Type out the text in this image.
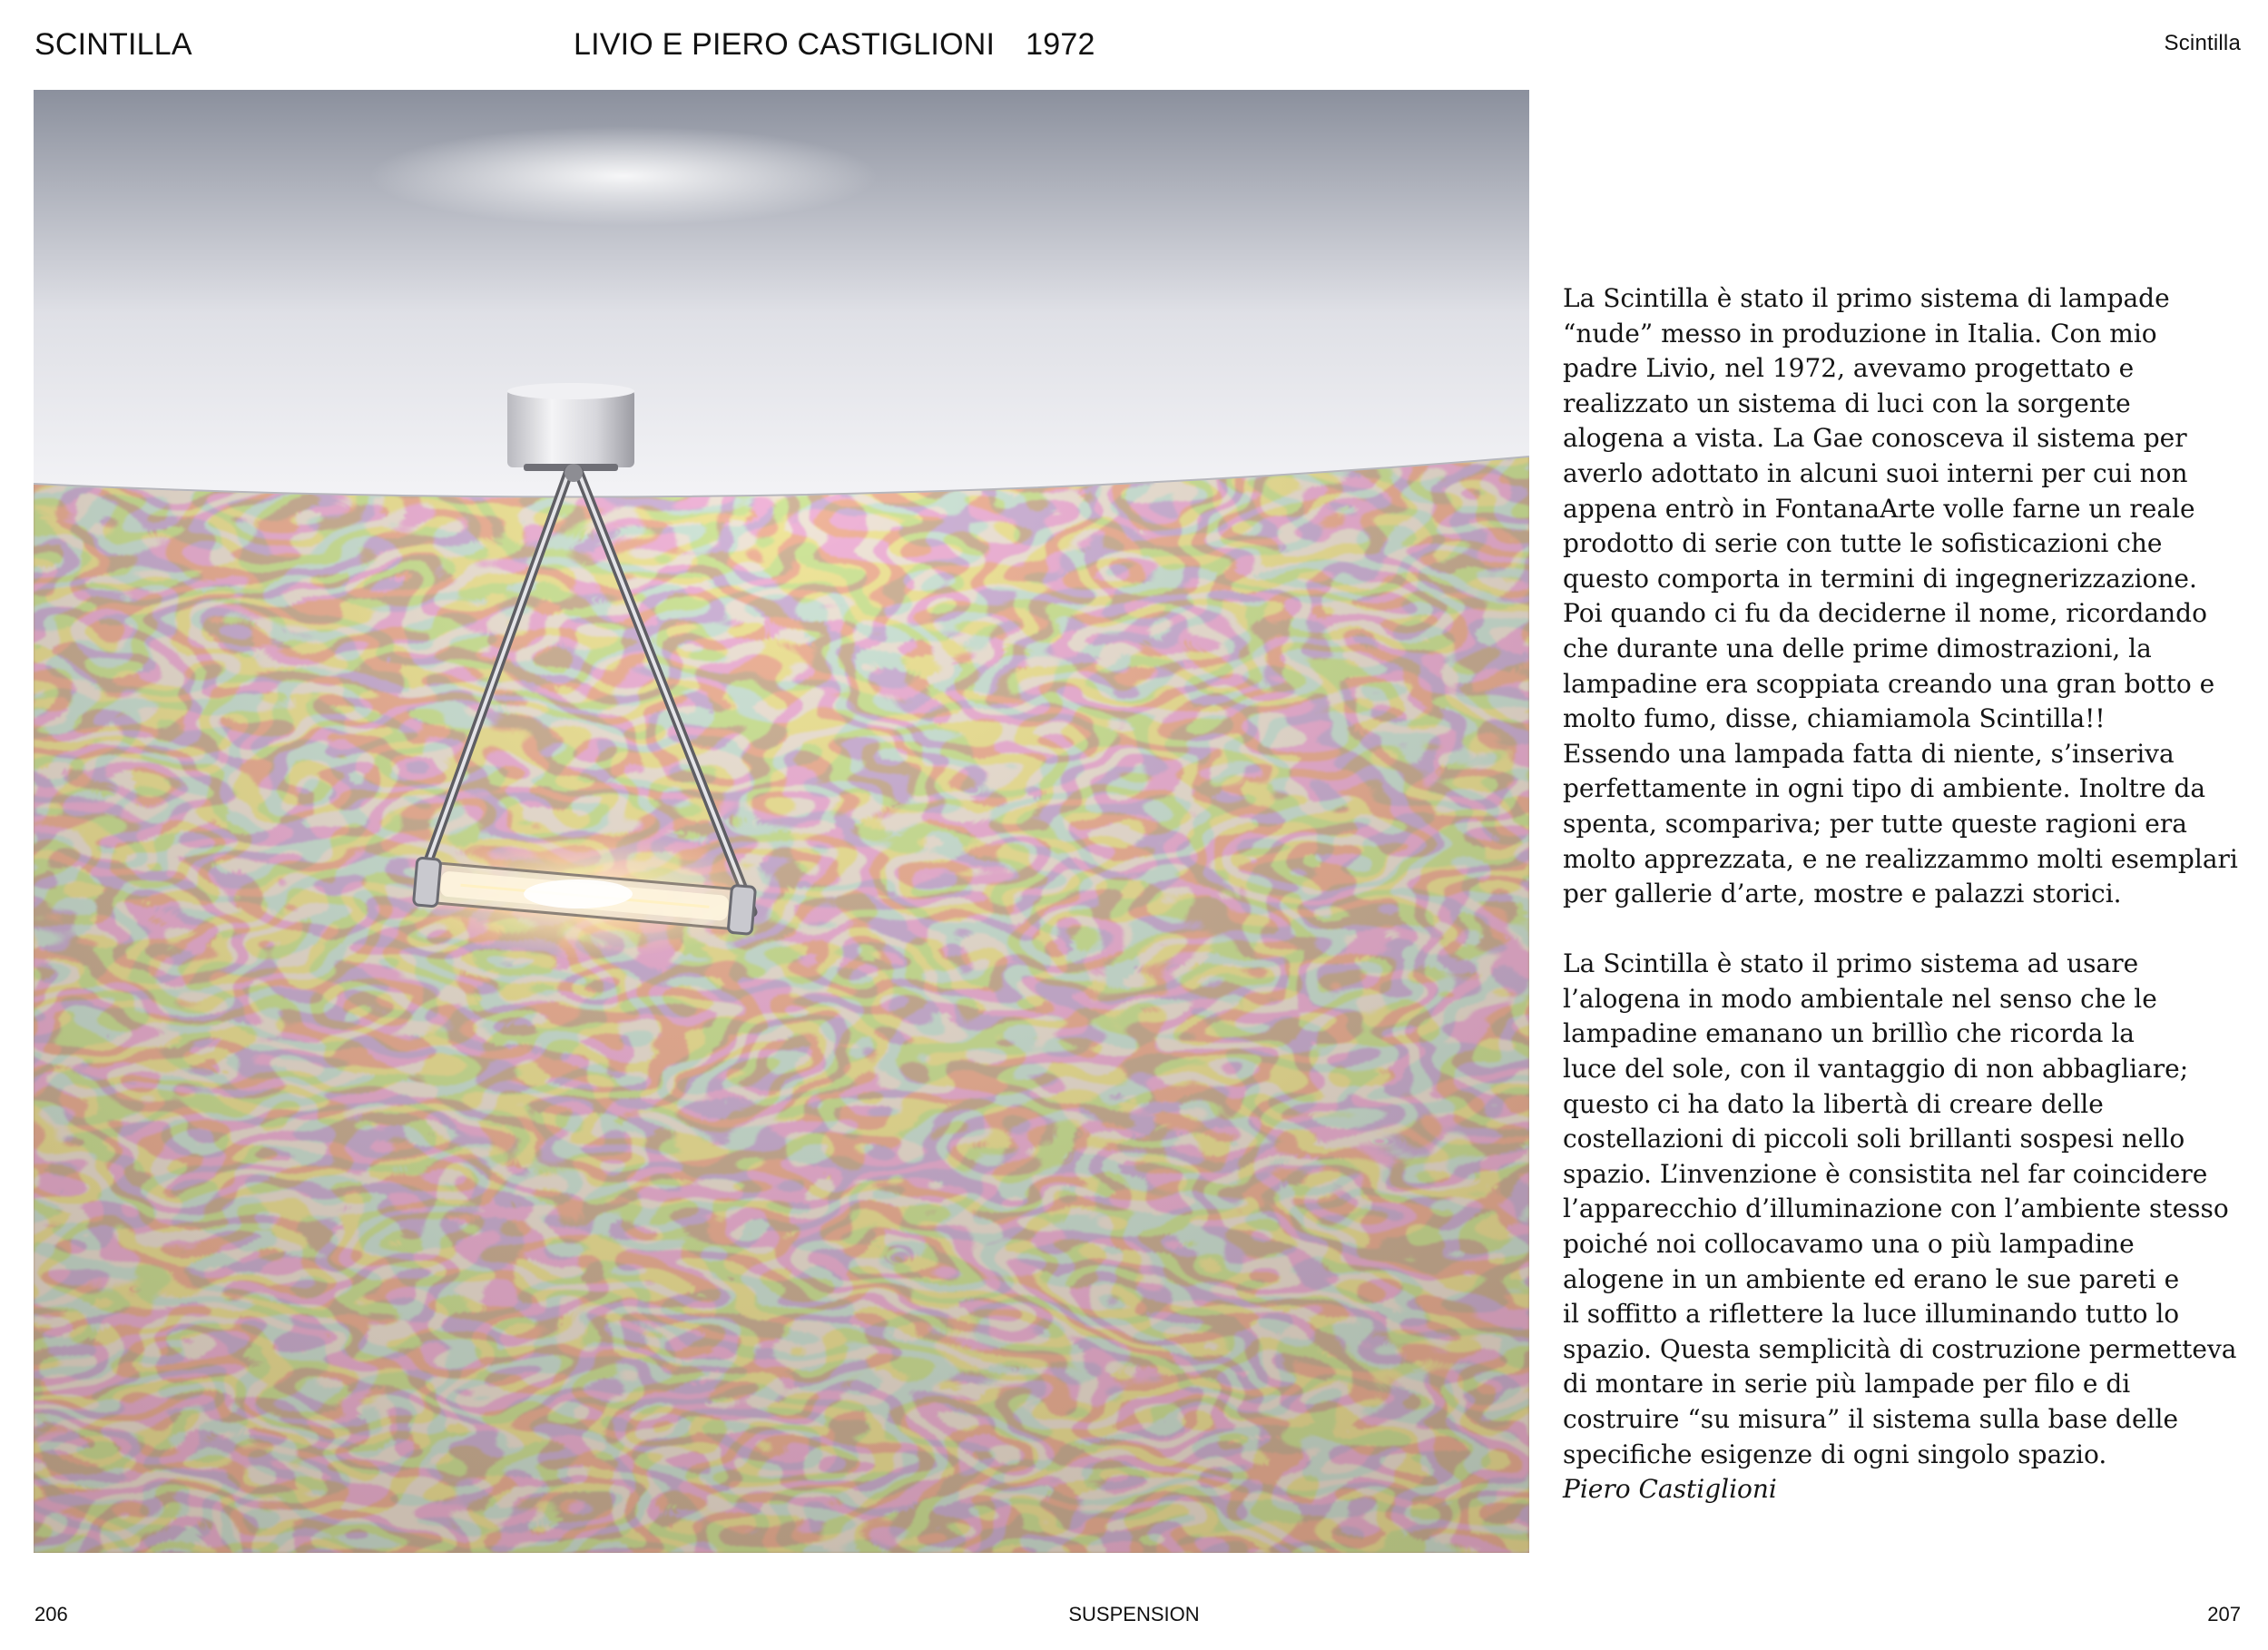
SCINTILLA	LIVIO E PIERO CASTIGLIONI 1972	Scintilla

La Scintilla è stato il primo sistema di lampade
“nude” messo in produzione in Italia. Con mio
padre Livio, nel 1972, avevamo progettato e
realizzato un sistema di luci con la sorgente
alogena a vista. La Gae conosceva il sistema per
averlo adottato in alcuni suoi interni per cui non
appena entrò in FontanaArte volle farne un reale
prodotto di serie con tutte le sofisticazioni che
questo comporta in termini di ingegnerizzazione.
Poi quando ci fu da deciderne il nome, ricordando
che durante una delle prime dimostrazioni, la
lampadine era scoppiata creando una gran botto e
molto fumo, disse, chiamiamola Scintilla!!
Essendo una lampada fatta di niente, s’inseriva
perfettamente in ogni tipo di ambiente. Inoltre da
spenta, scompariva; per tutte queste ragioni era
molto apprezzata, e ne realizzammo molti esemplari
per gallerie d’arte, mostre e palazzi storici.

La Scintilla è stato il primo sistema ad usare
l’alogena in modo ambientale nel senso che le
lampadine emanano un brillìo che ricorda la
luce del sole, con il vantaggio di non abbagliare;
questo ci ha dato la libertà di creare delle
costellazioni di piccoli soli brillanti sospesi nello
spazio. L’invenzione è consistita nel far coincidere
l’apparecchio d’illuminazione con l’ambiente stesso
poiché noi collocavamo una o più lampadine
alogene in un ambiente ed erano le sue pareti e
il soffitto a riflettere la luce illuminando tutto lo
spazio. Questa semplicità di costruzione permetteva
di montare in serie più lampade per filo e di
costruire “su misura” il sistema sulla base delle
specifiche esigenze di ogni singolo spazio.

Piero Castiglioni
206	SUSPENSION	207
